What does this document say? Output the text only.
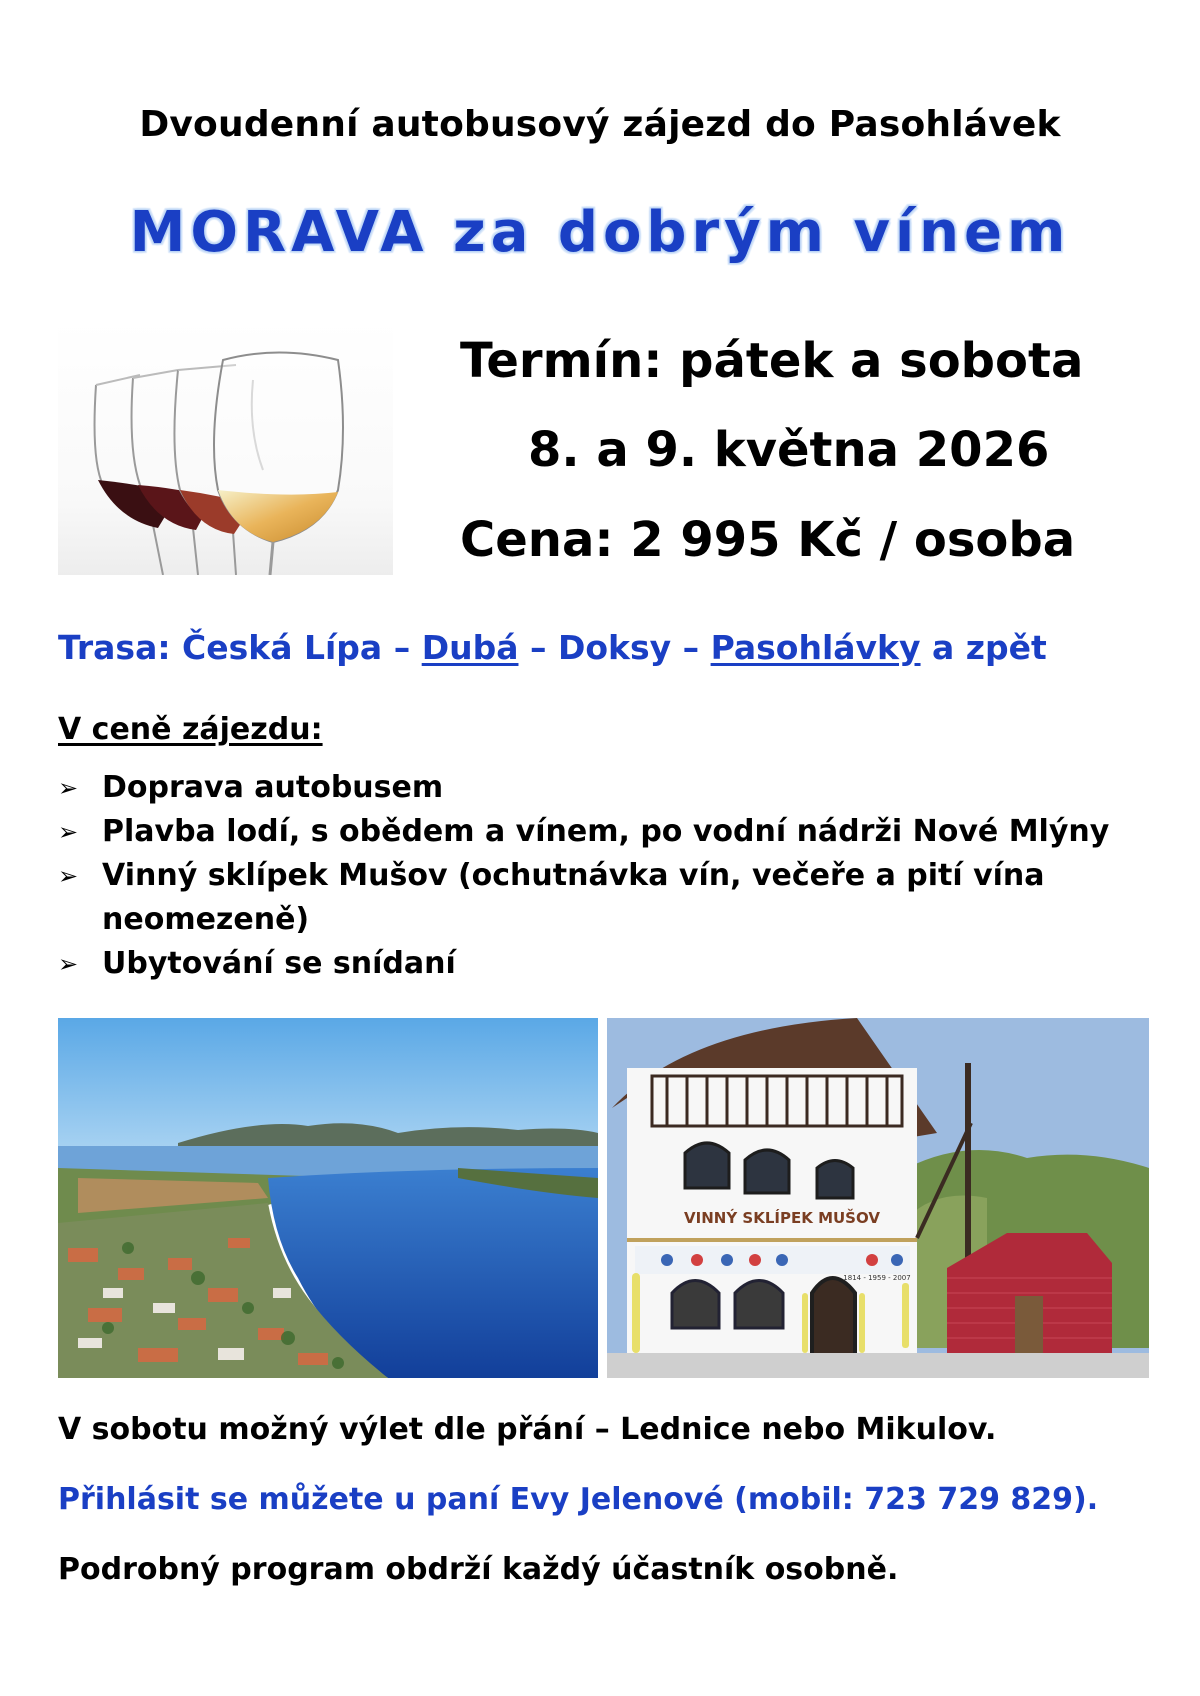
Dvoudenní autobusový zájezd do Pasohlávek
MORAVA za dobrým vínem
Termín: pátek a sobota
8. a 9. května 2026
Cena: 2 995 Kč / osoba
Trasa: Česká Lípa – Dubá – Doksy – Pasohlávky a zpět
V ceně zájezdu:
➢ Doprava autobusem
➢ Plavba lodí, s obědem a vínem, po vodní nádrži Nové Mlýny
➢ Vinný sklípek Mušov (ochutnávka vín, večeře a pití vína neomezeně)
➢ Ubytování se snídaní
VINNÝ SKLÍPEK MUŠOV
1814 - 1959 - 2007
V sobotu možný výlet dle přání – Lednice nebo Mikulov.
Přihlásit se můžete u paní Evy Jelenové (mobil: 723 729 829).
Podrobný program obdrží každý účastník osobně.
